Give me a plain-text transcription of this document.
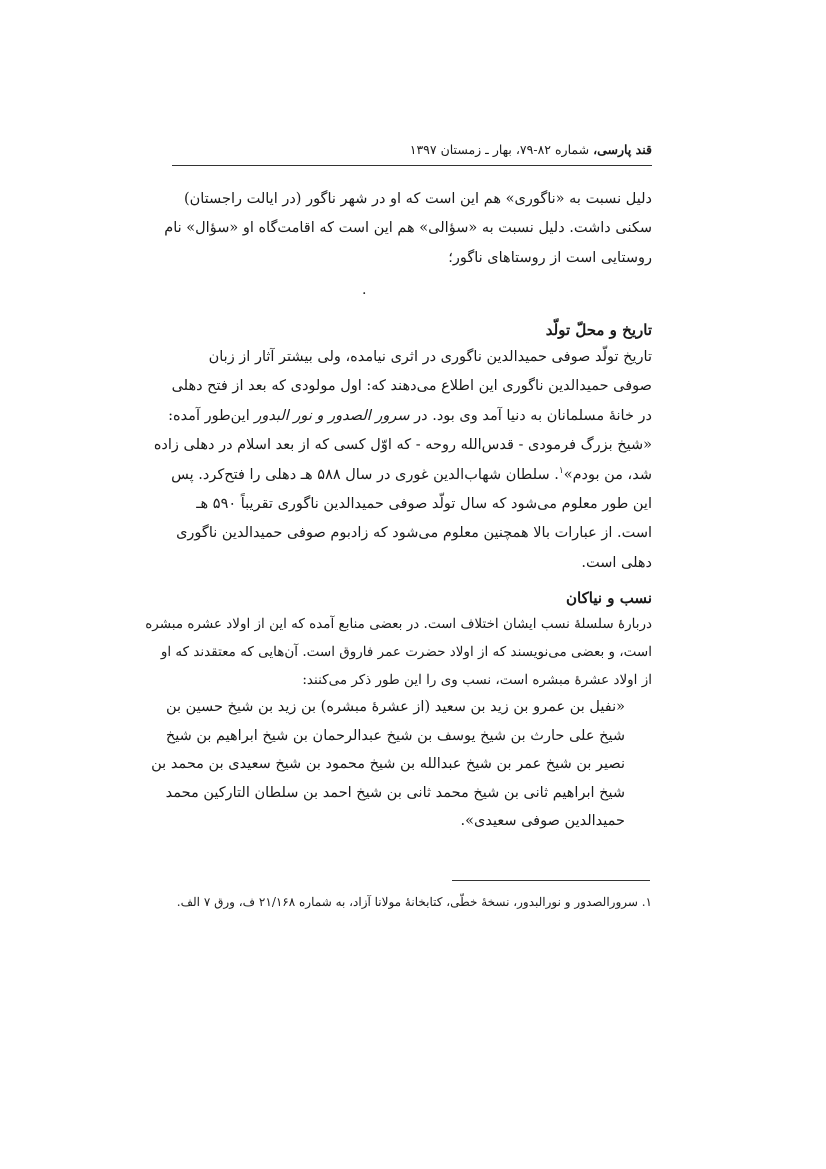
قند پارسی، شماره ۸۲-۷۹، بهار ـ زمستان ۱۳۹۷
دلیل نسبت به «ناگوری» هم این است که او در شهر ناگور (در ایالت راجستان)
سکنی داشت. دلیل نسبت به «سؤالی» هم این است که اقامت‌گاه او «سؤال» نام
روستایی است از روستاهای ناگور؛
.
تاریخ و محلّ تولّد
تاریخ تولّد صوفی حمیدالدین ناگوری در اثری نیامده، ولی بیشتر آثار از زبان
صوفی حمیدالدین ناگوری این اطلاع می‌دهند که: اول مولودی که بعد از فتح دهلی
در خانهٔ مسلمانان به دنیا آمد وی بود. در سرور الصدور و نور البدور این‌طور آمده:
«شیخ بزرگ فرمودی - قدس‌الله روحه - که اوّل کسی که از بعد اسلام در دهلی زاده
شد، من بودم»$^۱$. سلطان شهاب‌الدین غوری در سال ۵۸۸ هـ دهلی را فتح‌کرد. پس
این طور معلوم می‌شود که سال تولّد صوفی حمیدالدین ناگوری تقریباً ۵۹۰ هـ
است. از عبارات بالا همچنین معلوم می‌شود که زادبوم صوفی حمیدالدین ناگوری
دهلی است.
نسب و نیاکان
دربارهٔ سلسلهٔ نسب ایشان اختلاف است. در بعضی منابع آمده که این از اولاد عشره مبشره
است، و بعضی می‌نویسند که از اولاد حضرت عمر فاروق است. آن‌هایی که معتقدند که او
از اولاد عشرهٔ مبشره است، نسب وی را این طور ذکر می‌کنند:
«نفیل بن عمرو بن زید بن سعید (از عشرهٔ مبشره) بن زید بن شیخ حسین بن
شیخ علی حارث بن شیخ یوسف بن شیخ عبدالرحمان بن شیخ ابراهیم بن شیخ
نصیر بن شیخ عمر بن شیخ عبدالله بن شیخ محمود بن شیخ سعیدی بن محمد بن
شیخ ابراهیم ثانی بن شیخ محمد ثانی بن شیخ احمد بن سلطان التارکین محمد
حمیدالدین صوفی سعیدی».
۱. سرورالصدور و نورالبدور، نسخهٔ خطّی، کتابخانهٔ مولانا آزاد، به شماره ۲۱/۱۶۸ ف، ورق ۷ الف.
